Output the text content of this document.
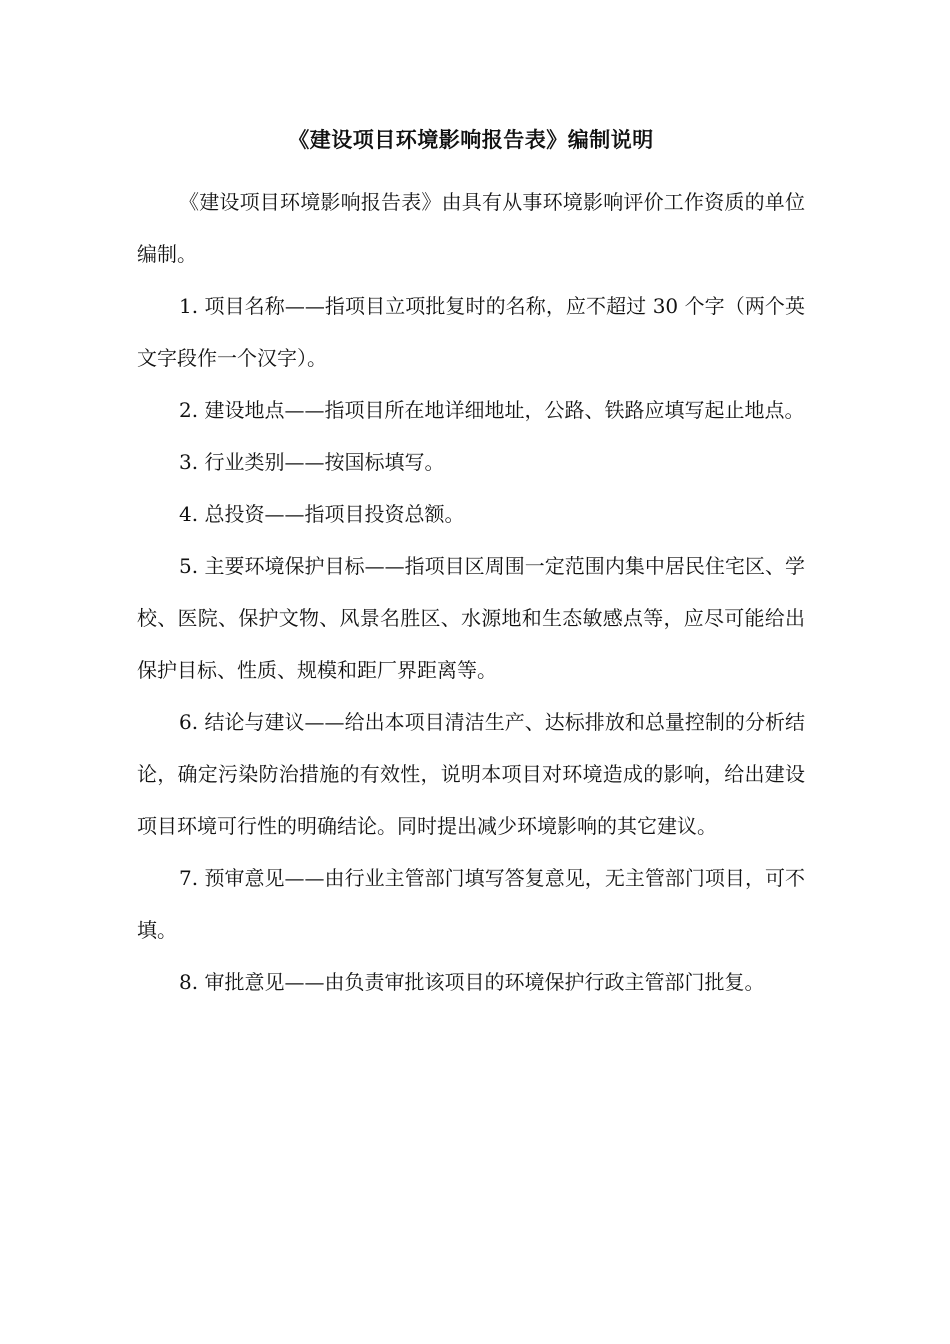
《建设项目环境影响报告表》编制说明

《建设项目环境影响报告表》由具有从事环境影响评价工作资质的单位编制。

1. 项目名称——指项目立项批复时的名称，应不超过 30 个字（两个英文字段作一个汉字）。

2. 建设地点——指项目所在地详细地址，公路、铁路应填写起止地点。

3. 行业类别——按国标填写。

4. 总投资——指项目投资总额。

5. 主要环境保护目标——指项目区周围一定范围内集中居民住宅区、学校、医院、保护文物、风景名胜区、水源地和生态敏感点等，应尽可能给出保护目标、性质、规模和距厂界距离等。

6. 结论与建议——给出本项目清洁生产、达标排放和总量控制的分析结论，确定污染防治措施的有效性，说明本项目对环境造成的影响，给出建设项目环境可行性的明确结论。同时提出减少环境影响的其它建议。

7. 预审意见——由行业主管部门填写答复意见，无主管部门项目，可不填。

8. 审批意见——由负责审批该项目的环境保护行政主管部门批复。
